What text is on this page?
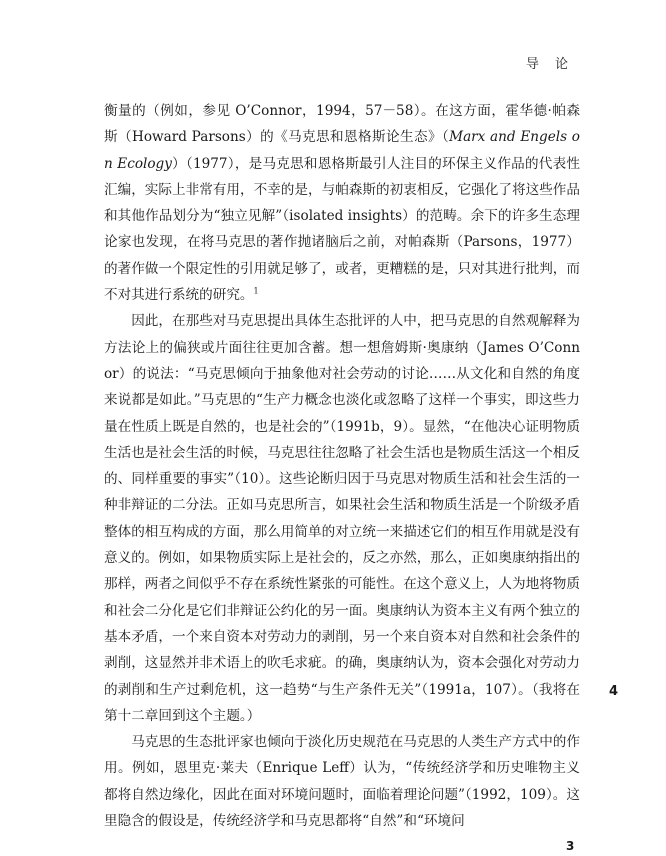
导 论

衡量的（例如，参见 O’Connor，1994，57－58）。在这方面，霍华德·帕森斯（Howard Parsons）的《马克思和恩格斯论生态》（Marx and Engels on Ecology）（1977），是马克思和恩格斯最引人注目的环保主义作品的代表性汇编，实际上非常有用，不幸的是，与帕森斯的初衷相反，它强化了将这些作品和其他作品划分为“独立见解”（isolated insights）的范畴。余下的许多生态理论家也发现，在将马克思的著作抛诸脑后之前，对帕森斯（Parsons，1977）的著作做一个限定性的引用就足够了，或者，更糟糕的是，只对其进行批判，而不对其进行系统的研究。$^1$

因此，在那些对马克思提出具体生态批评的人中，把马克思的自然观解释为方法论上的偏狭或片面往往更加含蓄。想一想詹姆斯·奥康纳（James O’Connor）的说法：“马克思倾向于抽象他对社会劳动的讨论……从文化和自然的角度来说都是如此。”马克思的“生产力概念也淡化或忽略了这样一个事实，即这些力量在性质上既是自然的，也是社会的”（1991b，9）。显然，“在他决心证明物质生活也是社会生活的时候，马克思往往忽略了社会生活也是物质生活这一个相反的、同样重要的事实”（10）。这些论断归因于马克思对物质生活和社会生活的一种非辩证的二分法。正如马克思所言，如果社会生活和物质生活是一个阶级矛盾整体的相互构成的方面，那么用简单的对立统一来描述它们的相互作用就是没有意义的。例如，如果物质实际上是社会的，反之亦然，那么，正如奥康纳指出的那样，两者之间似乎不存在系统性紧张的可能性。在这个意义上，人为地将物质和社会二分化是它们非辩证公约化的另一面。奥康纳认为资本主义有两个独立的基本矛盾，一个来自资本对劳动力的剥削，另一个来自资本对自然和社会条件的剥削，这显然并非术语上的吹毛求疵。的确，奥康纳认为，资本会强化对劳动力的剥削和生产过剩危机，这一趋势“与生产条件无关”（1991a，107）。（我将在第十二章回到这个主题。）

马克思的生态批评家也倾向于淡化历史规范在马克思的人类生产方式中的作用。例如，恩里克·莱夫（Enrique Leff）认为，“传统经济学和历史唯物主义都将自然边缘化，因此在面对环境问题时，面临着理论问题”（1992，109）。这里隐含的假设是，传统经济学和马克思都将“自然”和“环境问

4
3
